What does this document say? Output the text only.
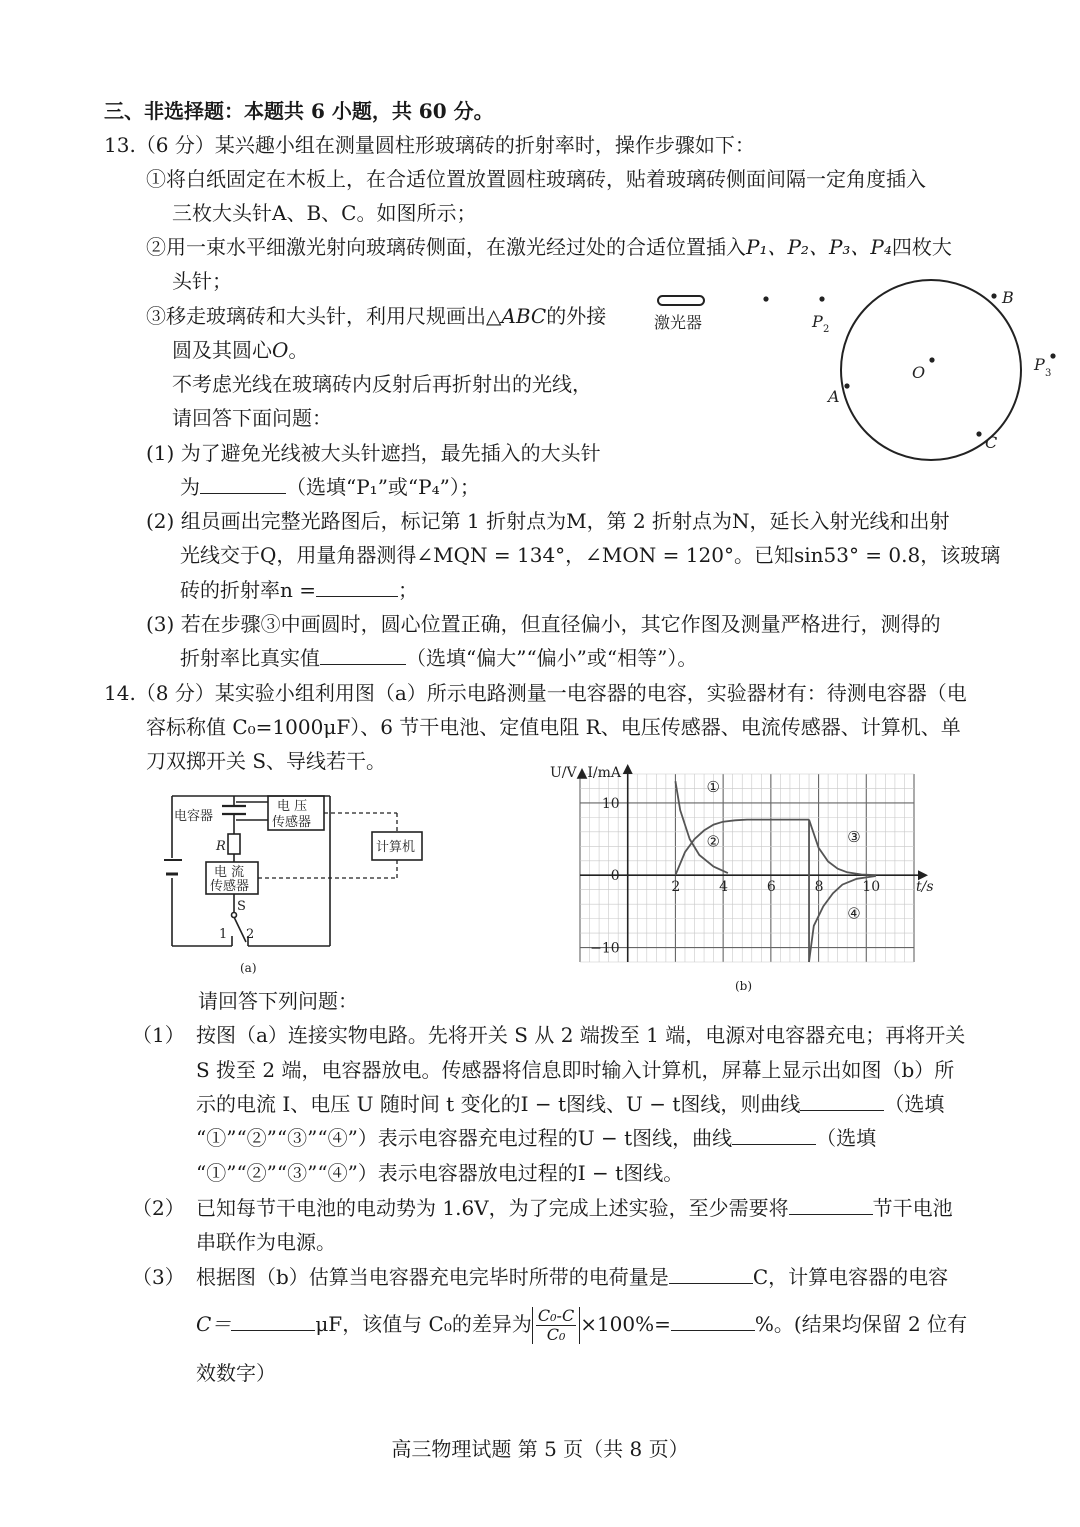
三、非选择题：本题共 6 小题，共 60 分。
13.（6 分）某兴趣小组在测量圆柱形玻璃砖的折射率时，操作步骤如下：
①将白纸固定在木板上，在合适位置放置圆柱玻璃砖，贴着玻璃砖侧面间隔一定角度插入
三枚大头针A、B、C。如图所示；
②用一束水平细激光射向玻璃砖侧面，在激光经过处的合适位置插入P₁、P₂、P₃、P₄四枚大
头针；
③移走玻璃砖和大头针，利用尺规画出△ABC的外接
圆及其圆心O。
不考虑光线在玻璃砖内反射后再折射出的光线，
请回答下面问题：
(1) 为了避免光线被大头针遮挡，最先插入的大头针
为	（选填“P₁”或“P₄”）；
(2) 组员画出完整光路图后，标记第 1 折射点为M，第 2 折射点为N，延长入射光线和出射
光线交于Q，用量角器测得∠MQN = 134°，∠MON = 120°。已知sin53° = 0.8，该玻璃
砖的折射率n =	；
(3) 若在步骤③中画圆时，圆心位置正确，但直径偏小，其它作图及测量严格进行，测得的
折射率比真实值	（选填“偏大”“偏小”或“相等”）。
激光器	P 2
B
A
C
O	P 3
14.（8 分）某实验小组利用图（a）所示电路测量一电容器的电容，实验器材有：待测电容器（电
容标称值 C₀=1000μF）、6 节干电池、定值电阻 R、电压传感器、电流传感器、计算机、单
刀双掷开关 S、导线若干。
电容器
电 压
传感器
计算机
R
电 流
传感器
S
1 2
(a)
2	4	6	8	10
10
0
−10
①
②	③
④
U/V▲I/mA
t/s
(b)
请回答下列问题：
（1） 按图（a）连接实物电路。先将开关 S 从 2 端拨至 1 端，电源对电容器充电；再将开关
S 拨至 2 端，电容器放电。传感器将信息即时输入计算机，屏幕上显示出如图（b）所
示的电流 I、电压 U 随时间 t 变化的I − t图线、U − t图线，则曲线	（选填
“①”“②”“③”“④”）表示电容器充电过程的U − t图线，曲线	（选填
“①”“②”“③”“④”）表示电容器放电过程的I − t图线。
（2） 已知每节干电池的电动势为 1.6V，为了完成上述实验，至少需要将	节干电池
串联作为电源。
（3） 根据图（b）估算当电容器充电完毕时所带的电荷量是	C，计算电容器的电容
C＝	μF，该值与 C₀的差异为 $\frac{\text{C₀-C}}{\text{C₀}} \times 100\%=$	%。(结果均保留 2 位有
效数字）
高三物理试题 第 5 页（共 8 页）
